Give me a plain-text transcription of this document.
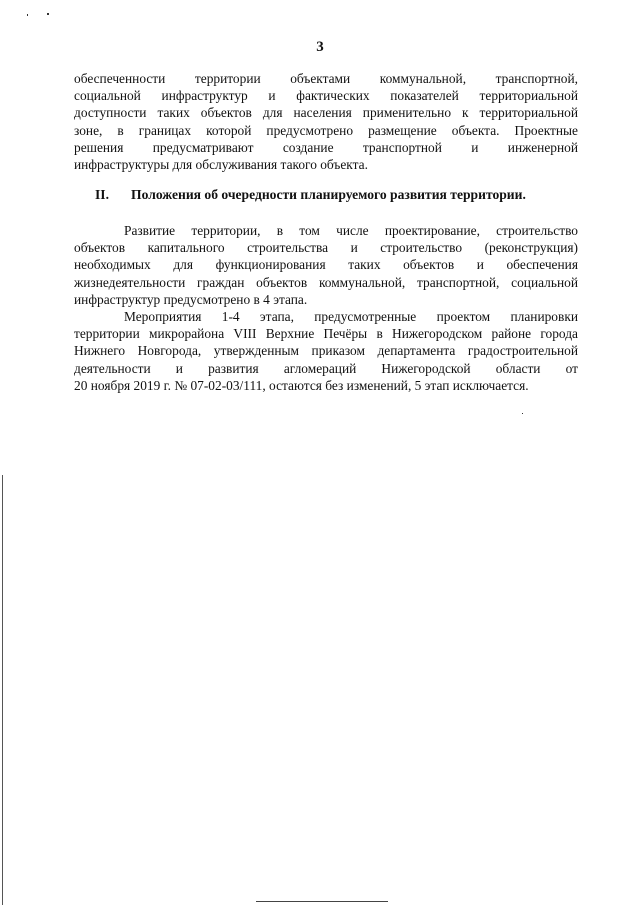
3
обеспеченности территории объектами коммунальной, транспортной,
социальной инфраструктур и фактических показателей территориальной
доступности таких объектов для населения применительно к территориальной
зоне, в границах которой предусмотрено размещение объекта. Проектные
решения предусматривают создание транспортной и инженерной
инфраструктуры для обслуживания такого объекта.
II. Положения об очередности планируемого развития территории.
Развитие территории, в том числе проектирование, строительство
объектов капитального строительства и строительство (реконструкция)
необходимых для функционирования таких объектов и обеспечения
жизнедеятельности граждан объектов коммунальной, транспортной, социальной
инфраструктур предусмотрено в 4 этапа.
Мероприятия 1-4 этапа, предусмотренные проектом планировки
территории микрорайона VIII Верхние Печёры в Нижегородском районе города
Нижнего Новгорода, утвержденным приказом департамента градостроительной
деятельности и развития агломераций Нижегородской области от
20 ноября 2019 г. № 07-02-03/111, остаются без изменений, 5 этап исключается.
